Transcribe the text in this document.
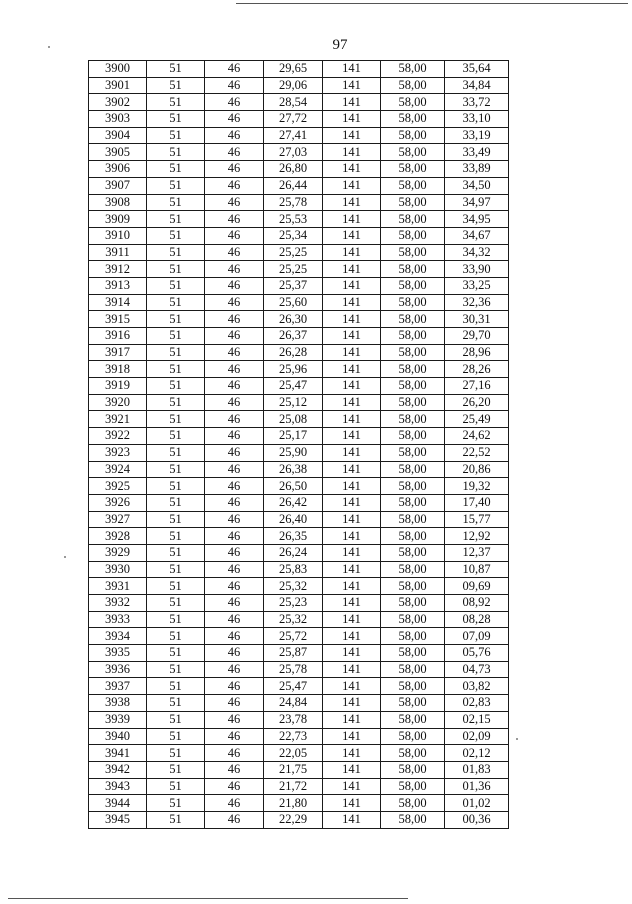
97
3900	51	46	29,65	141	58,00	35,64
3901	51	46	29,06	141	58,00	34,84
3902	51	46	28,54	141	58,00	33,72
3903	51	46	27,72	141	58,00	33,10
3904	51	46	27,41	141	58,00	33,19
3905	51	46	27,03	141	58,00	33,49
3906	51	46	26,80	141	58,00	33,89
3907	51	46	26,44	141	58,00	34,50
3908	51	46	25,78	141	58,00	34,97
3909	51	46	25,53	141	58,00	34,95
3910	51	46	25,34	141	58,00	34,67
3911	51	46	25,25	141	58,00	34,32
3912	51	46	25,25	141	58,00	33,90
3913	51	46	25,37	141	58,00	33,25
3914	51	46	25,60	141	58,00	32,36
3915	51	46	26,30	141	58,00	30,31
3916	51	46	26,37	141	58,00	29,70
3917	51	46	26,28	141	58,00	28,96
3918	51	46	25,96	141	58,00	28,26
3919	51	46	25,47	141	58,00	27,16
3920	51	46	25,12	141	58,00	26,20
3921	51	46	25,08	141	58,00	25,49
3922	51	46	25,17	141	58,00	24,62
3923	51	46	25,90	141	58,00	22,52
3924	51	46	26,38	141	58,00	20,86
3925	51	46	26,50	141	58,00	19,32
3926	51	46	26,42	141	58,00	17,40
3927	51	46	26,40	141	58,00	15,77
3928	51	46	26,35	141	58,00	12,92
3929	51	46	26,24	141	58,00	12,37
3930	51	46	25,83	141	58,00	10,87
3931	51	46	25,32	141	58,00	09,69
3932	51	46	25,23	141	58,00	08,92
3933	51	46	25,32	141	58,00	08,28
3934	51	46	25,72	141	58,00	07,09
3935	51	46	25,87	141	58,00	05,76
3936	51	46	25,78	141	58,00	04,73
3937	51	46	25,47	141	58,00	03,82
3938	51	46	24,84	141	58,00	02,83
3939	51	46	23,78	141	58,00	02,15
3940	51	46	22,73	141	58,00	02,09
3941	51	46	22,05	141	58,00	02,12
3942	51	46	21,75	141	58,00	01,83
3943	51	46	21,72	141	58,00	01,36
3944	51	46	21,80	141	58,00	01,02
3945	51	46	22,29	141	58,00	00,36
